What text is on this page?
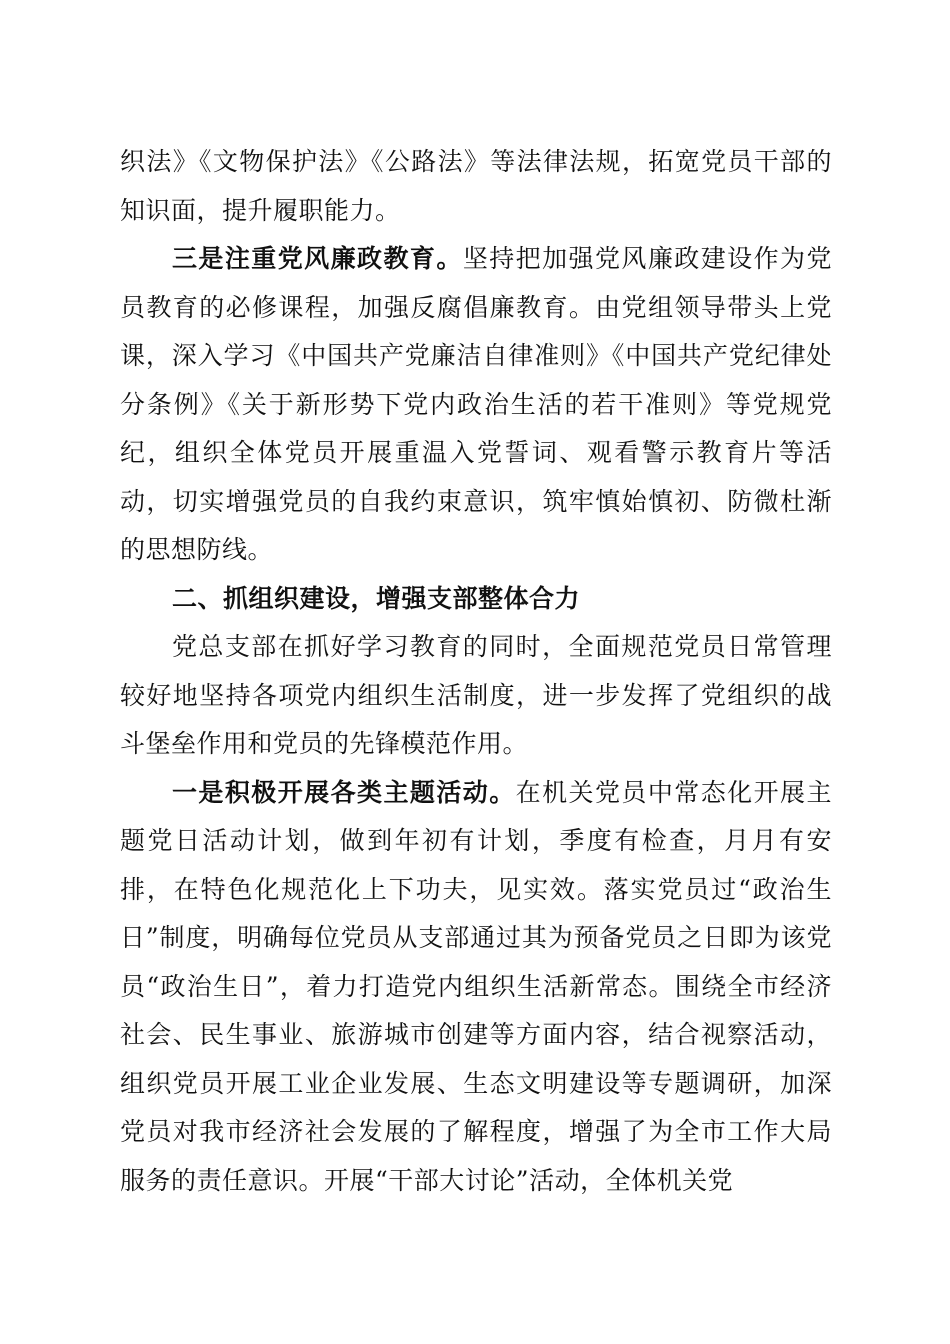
织法》《文物保护法》《公路法》等法律法规，拓宽党员干部的知识面，提升履职能力。

三是注重党风廉政教育。坚持把加强党风廉政建设作为党员教育的必修课程，加强反腐倡廉教育。由党组领导带头上党课，深入学习《中国共产党廉洁自律准则》《中国共产党纪律处分条例》《关于新形势下党内政治生活的若干准则》等党规党纪，组织全体党员开展重温入党誓词、观看警示教育片等活动，切实增强党员的自我约束意识，筑牢慎始慎初、防微杜渐的思想防线。

二、抓组织建设，增强支部整体合力

党总支部在抓好学习教育的同时，全面规范党员日常管理较好地坚持各项党内组织生活制度，进一步发挥了党组织的战斗堡垒作用和党员的先锋模范作用。

一是积极开展各类主题活动。在机关党员中常态化开展主题党日活动计划，做到年初有计划，季度有检查，月月有安排，在特色化规范化上下功夫，见实效。落实党员过“政治生日”制度，明确每位党员从支部通过其为预备党员之日即为该党员“政治生日”，着力打造党内组织生活新常态。围绕全市经济社会、民生事业、旅游城市创建等方面内容，结合视察活动，组织党员开展工业企业发展、生态文明建设等专题调研，加深党员对我市经济社会发展的了解程度，增强了为全市工作大局服务的责任意识。开展“干部大讨论”活动，全体机关党
